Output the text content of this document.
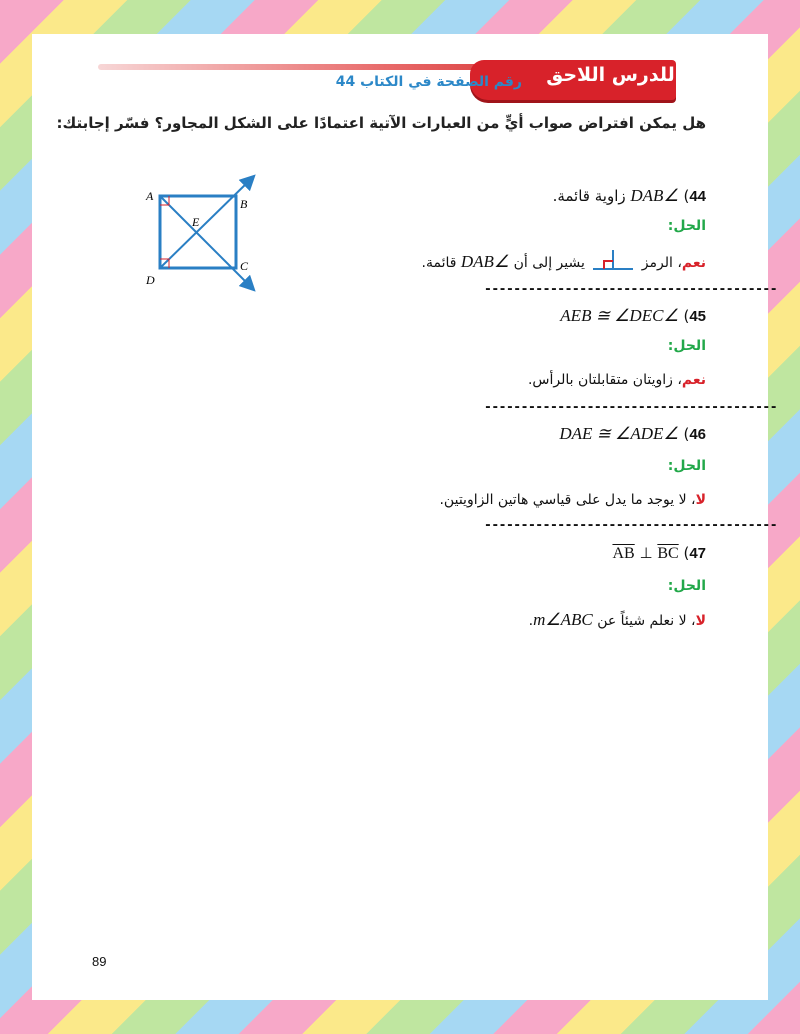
استعد للدرس اللاحق
رقم الصفحة في الكتاب 44
هل يمكن افتراض صواب أيٍّ من العبارات الآتية اعتمادًا على الشكل المجاور؟ فسّر إجابتك:
A
B
C
D
E
44) ∠DAB زاوية قائمة.
الحل:
نعم، الرمز  يشير إلى أن ∠DAB قائمة.
----------------------------------------
45) ∠AEB ≅ ∠DEC
الحل:
نعم، زاويتان متقابلتان بالرأس.
----------------------------------------
46) ∠DAE ≅ ∠ADE
الحل:
لا، لا يوجد ما يدل على قياسي هاتين الزاويتين.
----------------------------------------
47) $\overline{AB}$ ⊥ $\overline{BC}$
الحل:
لا، لا نعلم شيئاً عن m∠ABC.
89
